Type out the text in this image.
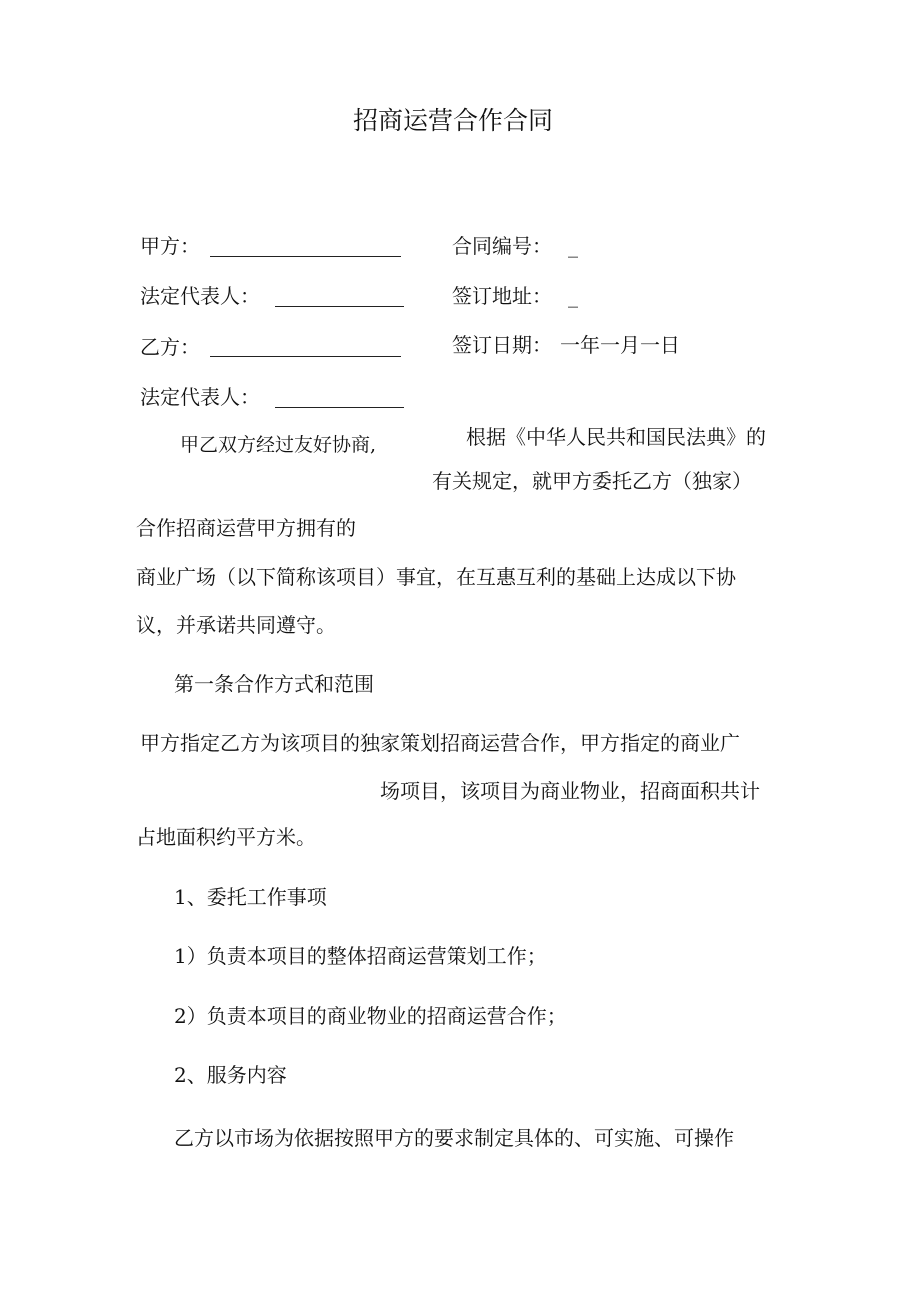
招商运营合作合同
甲方：	合同编号： _
法定代表人：	签订地址： _
乙方：	签订日期： 一年一月一日
法定代表人：
甲乙双方经过友好协商,	根据《中华人民共和国民法典》的
有关规定，就甲方委托乙方（独家）
合作招商运营甲方拥有的
商业广场（以下简称该项目）事宜，在互惠互利的基础上达成以下协
议，并承诺共同遵守。
第一条合作方式和范围
甲方指定乙方为该项目的独家策划招商运营合作，甲方指定的商业广
场项目，该项目为商业物业，招商面积共计
占地面积约平方米。
1、委托工作事项
1）负责本项目的整体招商运营策划工作；
2）负责本项目的商业物业的招商运营合作；
2、服务内容
乙方以市场为依据按照甲方的要求制定具体的、可实施、可操作
